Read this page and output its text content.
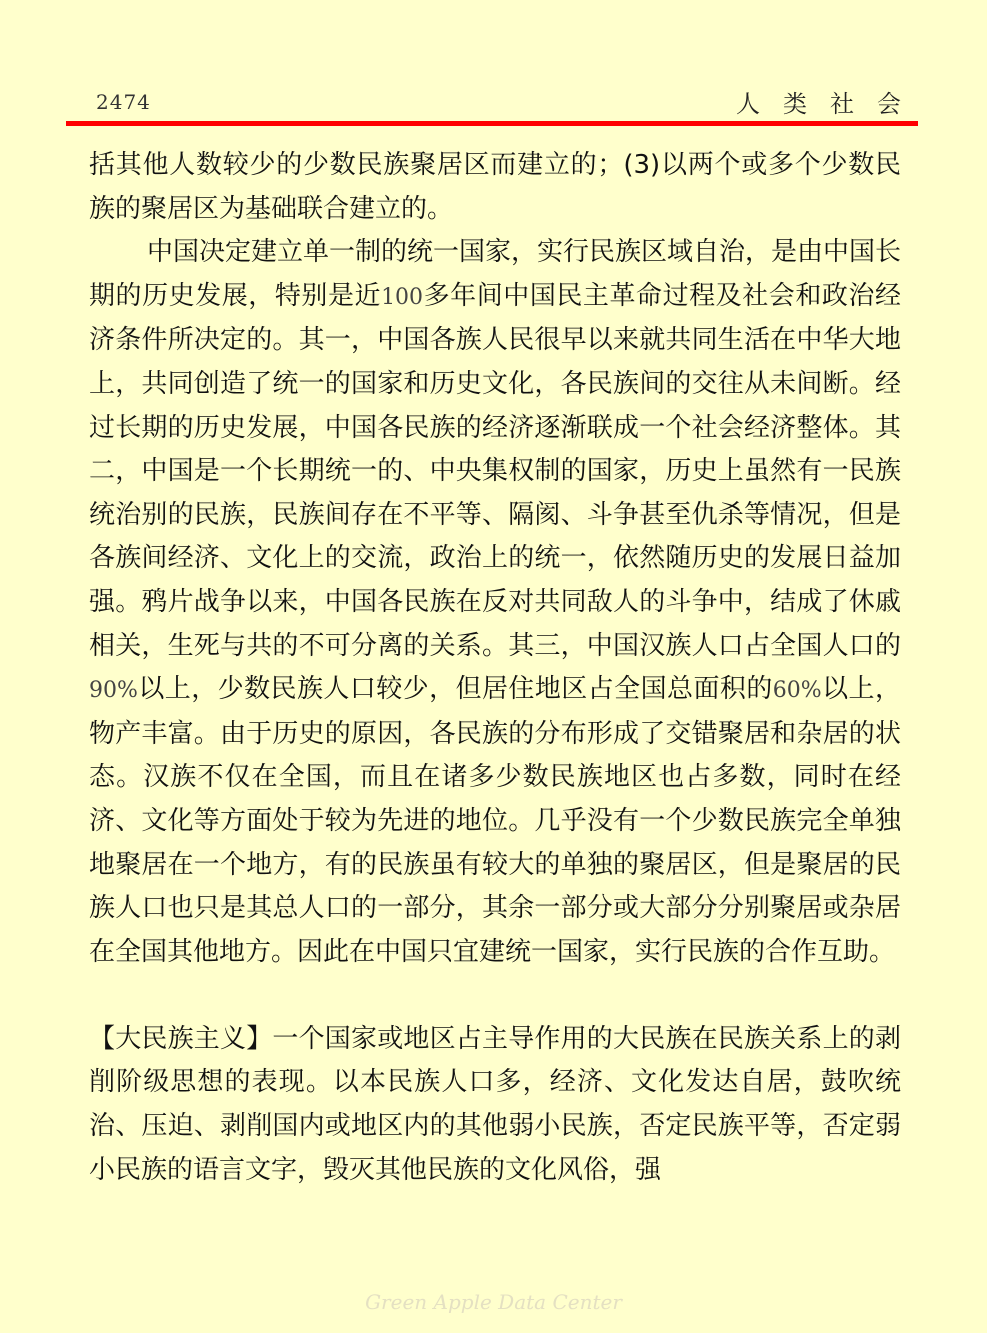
2474	人类社会

括其他人数较少的少数民族聚居区而建立的；(3)以两个或多个少数民族的聚居区为基础联合建立的。

中国决定建立单一制的统一国家，实行民族区域自治，是由中国长期的历史发展，特别是近100多年间中国民主革命过程及社会和政治经济条件所决定的。其一，中国各族人民很早以来就共同生活在中华大地上，共同创造了统一的国家和历史文化，各民族间的交往从未间断。经过长期的历史发展，中国各民族的经济逐渐联成一个社会经济整体。其二，中国是一个长期统一的、中央集权制的国家，历史上虽然有一民族统治别的民族，民族间存在不平等、隔阂、斗争甚至仇杀等情况，但是各族间经济、文化上的交流，政治上的统一，依然随历史的发展日益加强。鸦片战争以来，中国各民族在反对共同敌人的斗争中，结成了休戚相关，生死与共的不可分离的关系。其三，中国汉族人口占全国人口的90%以上，少数民族人口较少，但居住地区占全国总面积的60%以上，物产丰富。由于历史的原因，各民族的分布形成了交错聚居和杂居的状态。汉族不仅在全国，而且在诸多少数民族地区也占多数，同时在经济、文化等方面处于较为先进的地位。几乎没有一个少数民族完全单独地聚居在一个地方，有的民族虽有较大的单独的聚居区，但是聚居的民族人口也只是其总人口的一部分，其余一部分或大部分分别聚居或杂居在全国其他地方。因此在中国只宜建统一国家，实行民族的合作互助。

【大民族主义】一个国家或地区占主导作用的大民族在民族关系上的剥削阶级思想的表现。以本民族人口多，经济、文化发达自居，鼓吹统治、压迫、剥削国内或地区内的其他弱小民族，否定民族平等，否定弱小民族的语言文字，毁灭其他民族的文化风俗，强

Green Apple Data Center
